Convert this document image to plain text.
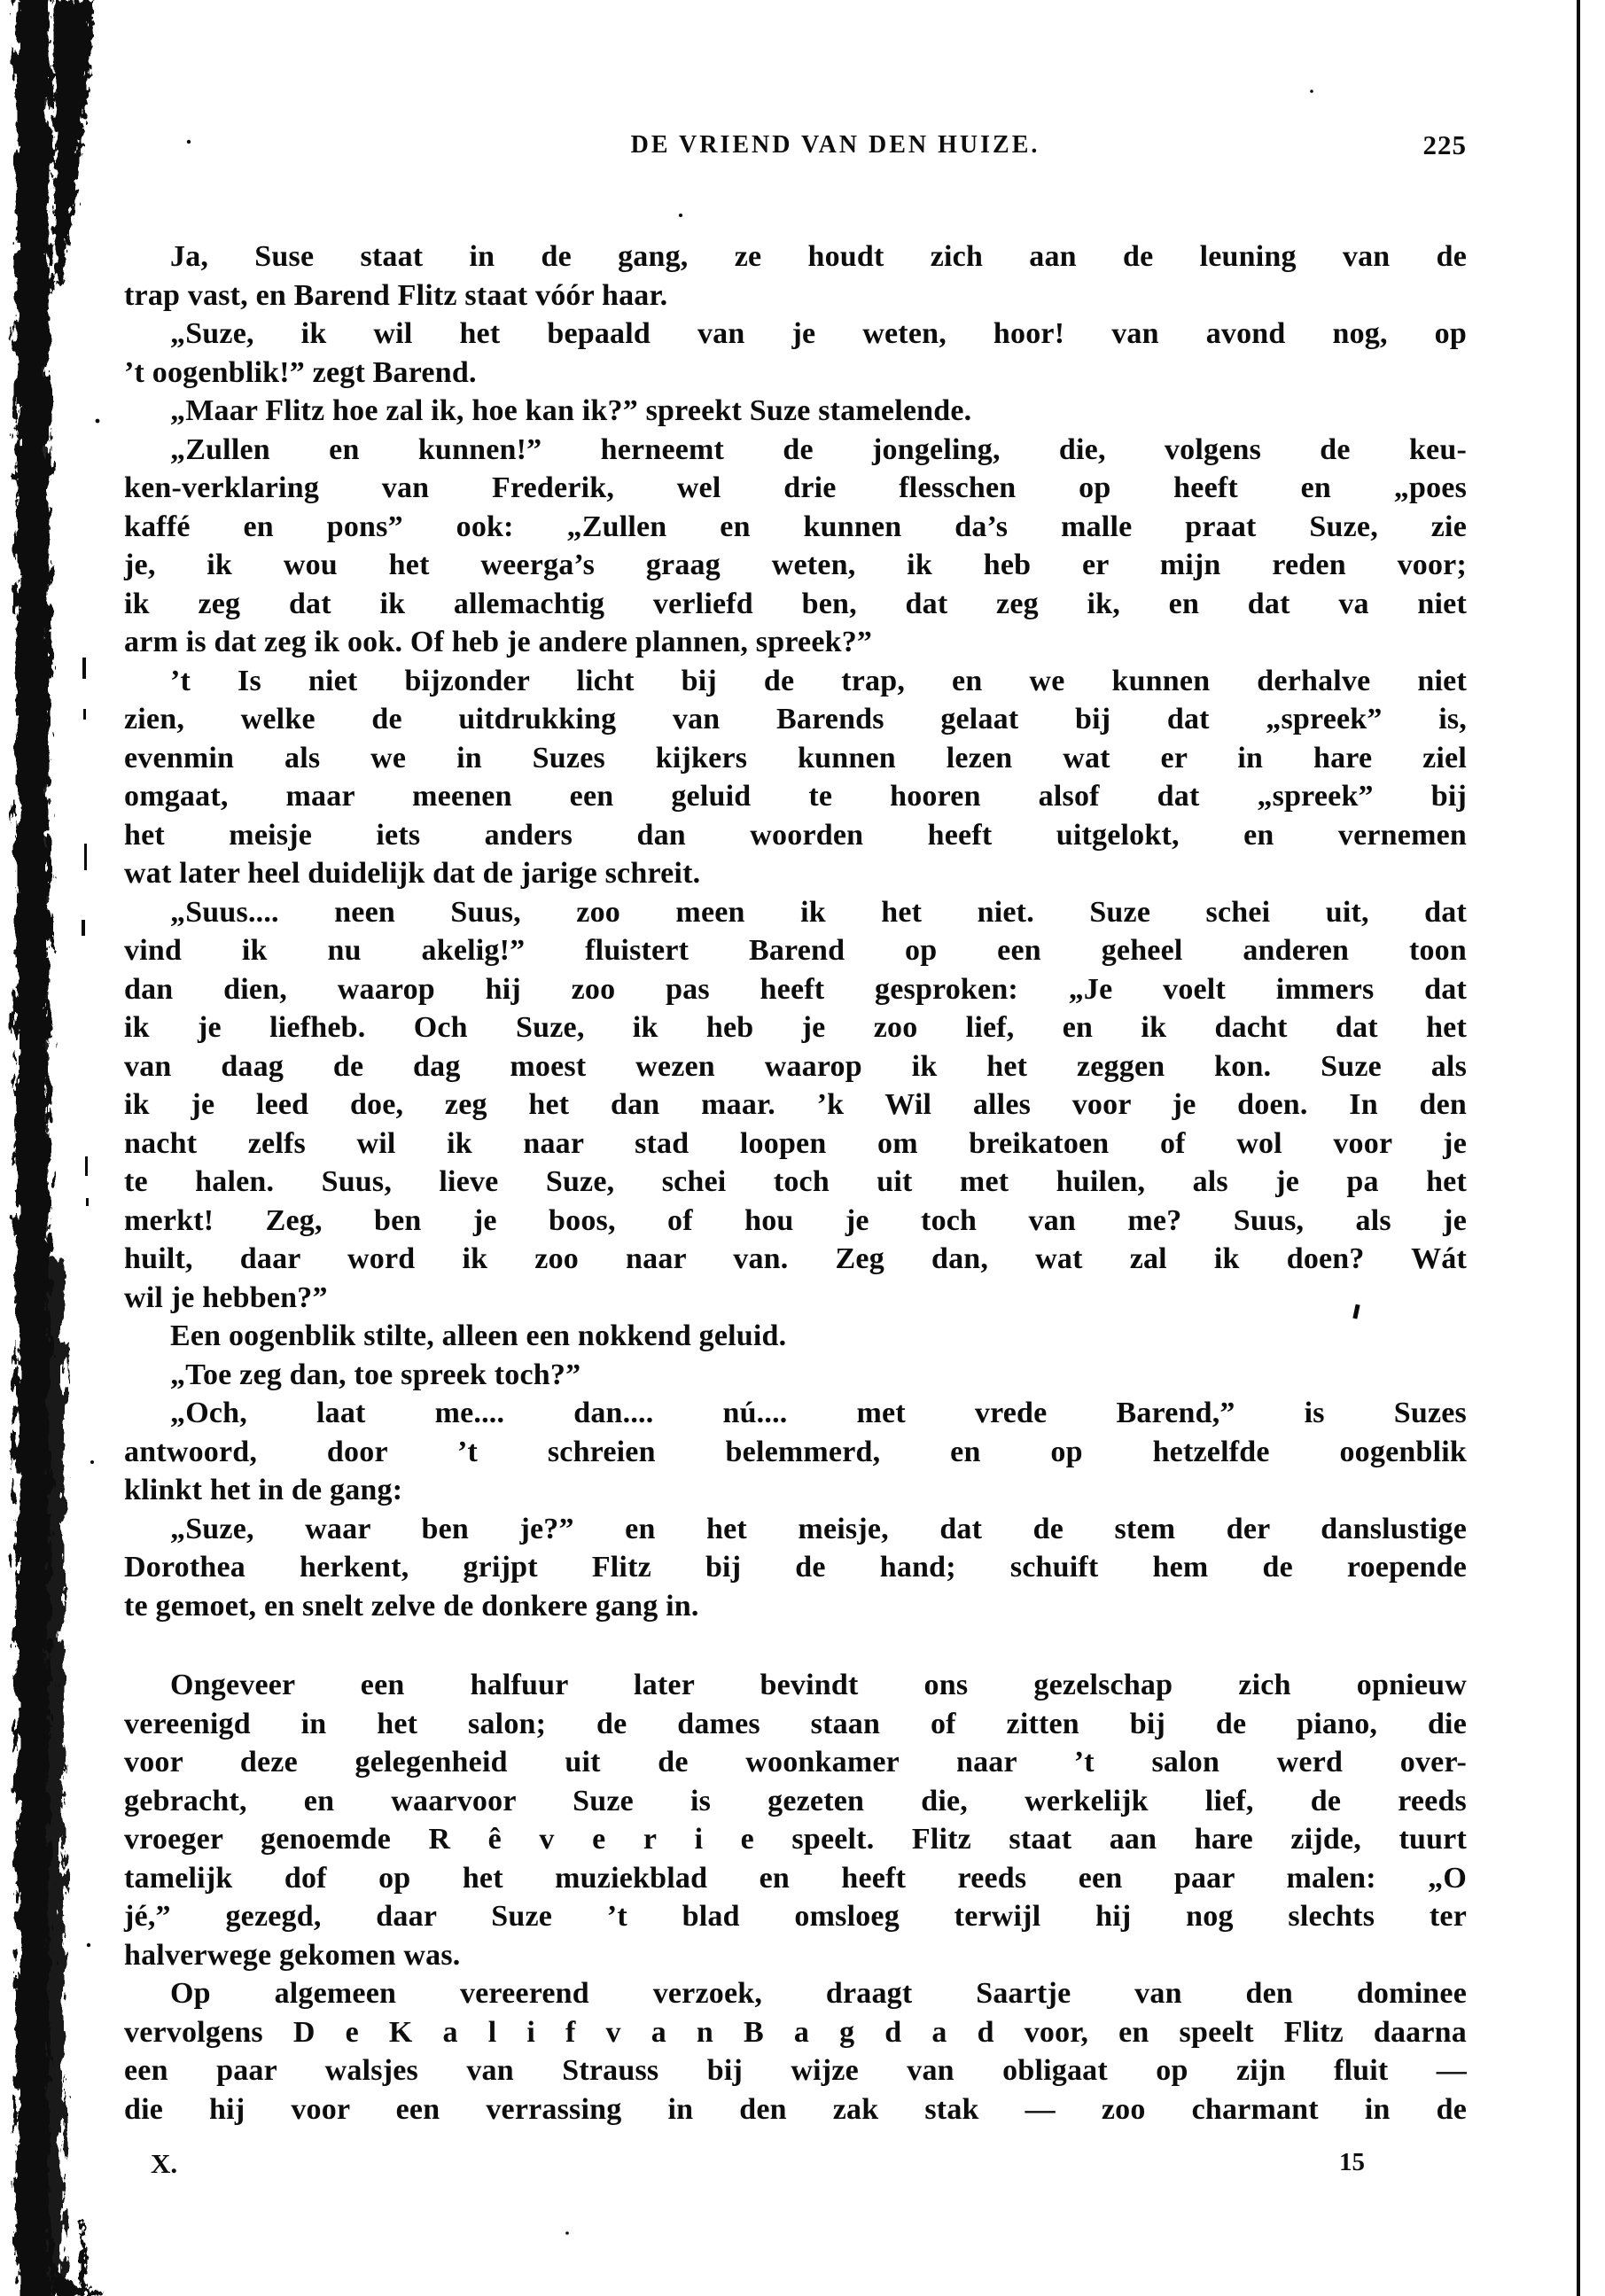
DE VRIEND VAN DEN HUIZE.	225
Ja, Suse staat in de gang, ze houdt zich aan de leuning van de
trap vast, en Barend Flitz staat vóór haar.
„Suze, ik wil het bepaald van je weten, hoor! van avond nog, op
’t oogenblik!” zegt Barend.
„Maar Flitz hoe zal ik, hoe kan ik?” spreekt Suze stamelende.
„Zullen en kunnen!” herneemt de jongeling, die, volgens de keu-
ken-verklaring van Frederik, wel drie flesschen op heeft en „poes
kaffé en pons” ook: „Zullen en kunnen da’s malle praat Suze, zie
je, ik wou het weerga’s graag weten, ik heb er mijn reden voor;
ik zeg dat ik allemachtig verliefd ben, dat zeg ik, en dat va niet
arm is dat zeg ik ook. Of heb je andere plannen, spreek?”
’t Is niet bijzonder licht bij de trap, en we kunnen derhalve niet
zien, welke de uitdrukking van Barends gelaat bij dat „spreek” is,
evenmin als we in Suzes kijkers kunnen lezen wat er in hare ziel
omgaat, maar meenen een geluid te hooren alsof dat „spreek” bij
het meisje iets anders dan woorden heeft uitgelokt, en vernemen
wat later heel duidelijk dat de jarige schreit.
„Suus.... neen Suus, zoo meen ik het niet. Suze schei uit, dat
vind ik nu akelig!” fluistert Barend op een geheel anderen toon
dan dien, waarop hij zoo pas heeft gesproken: „Je voelt immers dat
ik je liefheb. Och Suze, ik heb je zoo lief, en ik dacht dat het
van daag de dag moest wezen waarop ik het zeggen kon. Suze als
ik je leed doe, zeg het dan maar. ’k Wil alles voor je doen. In den
nacht zelfs wil ik naar stad loopen om breikatoen of wol voor je
te halen. Suus, lieve Suze, schei toch uit met huilen, als je pa het
merkt! Zeg, ben je boos, of hou je toch van me? Suus, als je
huilt, daar word ik zoo naar van. Zeg dan, wat zal ik doen? Wát
wil je hebben?”
Een oogenblik stilte, alleen een nokkend geluid.
„Toe zeg dan, toe spreek toch?”
„Och, laat me.... dan.... nú.... met vrede Barend,” is Suzes
antwoord, door ’t schreien belemmerd, en op hetzelfde oogenblik
klinkt het in de gang:
„Suze, waar ben je?” en het meisje, dat de stem der danslustige
Dorothea herkent, grijpt Flitz bij de hand; schuift hem de roepende
te gemoet, en snelt zelve de donkere gang in.
Ongeveer een halfuur later bevindt ons gezelschap zich opnieuw
vereenigd in het salon; de dames staan of zitten bij de piano, die
voor deze gelegenheid uit de woonkamer naar ’t salon werd over-
gebracht, en waarvoor Suze is gezeten die, werkelijk lief, de reeds
vroeger genoemde R ê v e r i e speelt. Flitz staat aan hare zijde, tuurt
tamelijk dof op het muziekblad en heeft reeds een paar malen: „O
jé,” gezegd, daar Suze ’t blad omsloeg terwijl hij nog slechts ter
halverwege gekomen was.
Op algemeen vereerend verzoek, draagt Saartje van den dominee
vervolgens D e K a l i f v a n B a g d a d voor, en speelt Flitz daarna
een paar walsjes van Strauss bij wijze van obligaat op zijn fluit —
die hij voor een verrassing in den zak stak — zoo charmant in de
X.	15
